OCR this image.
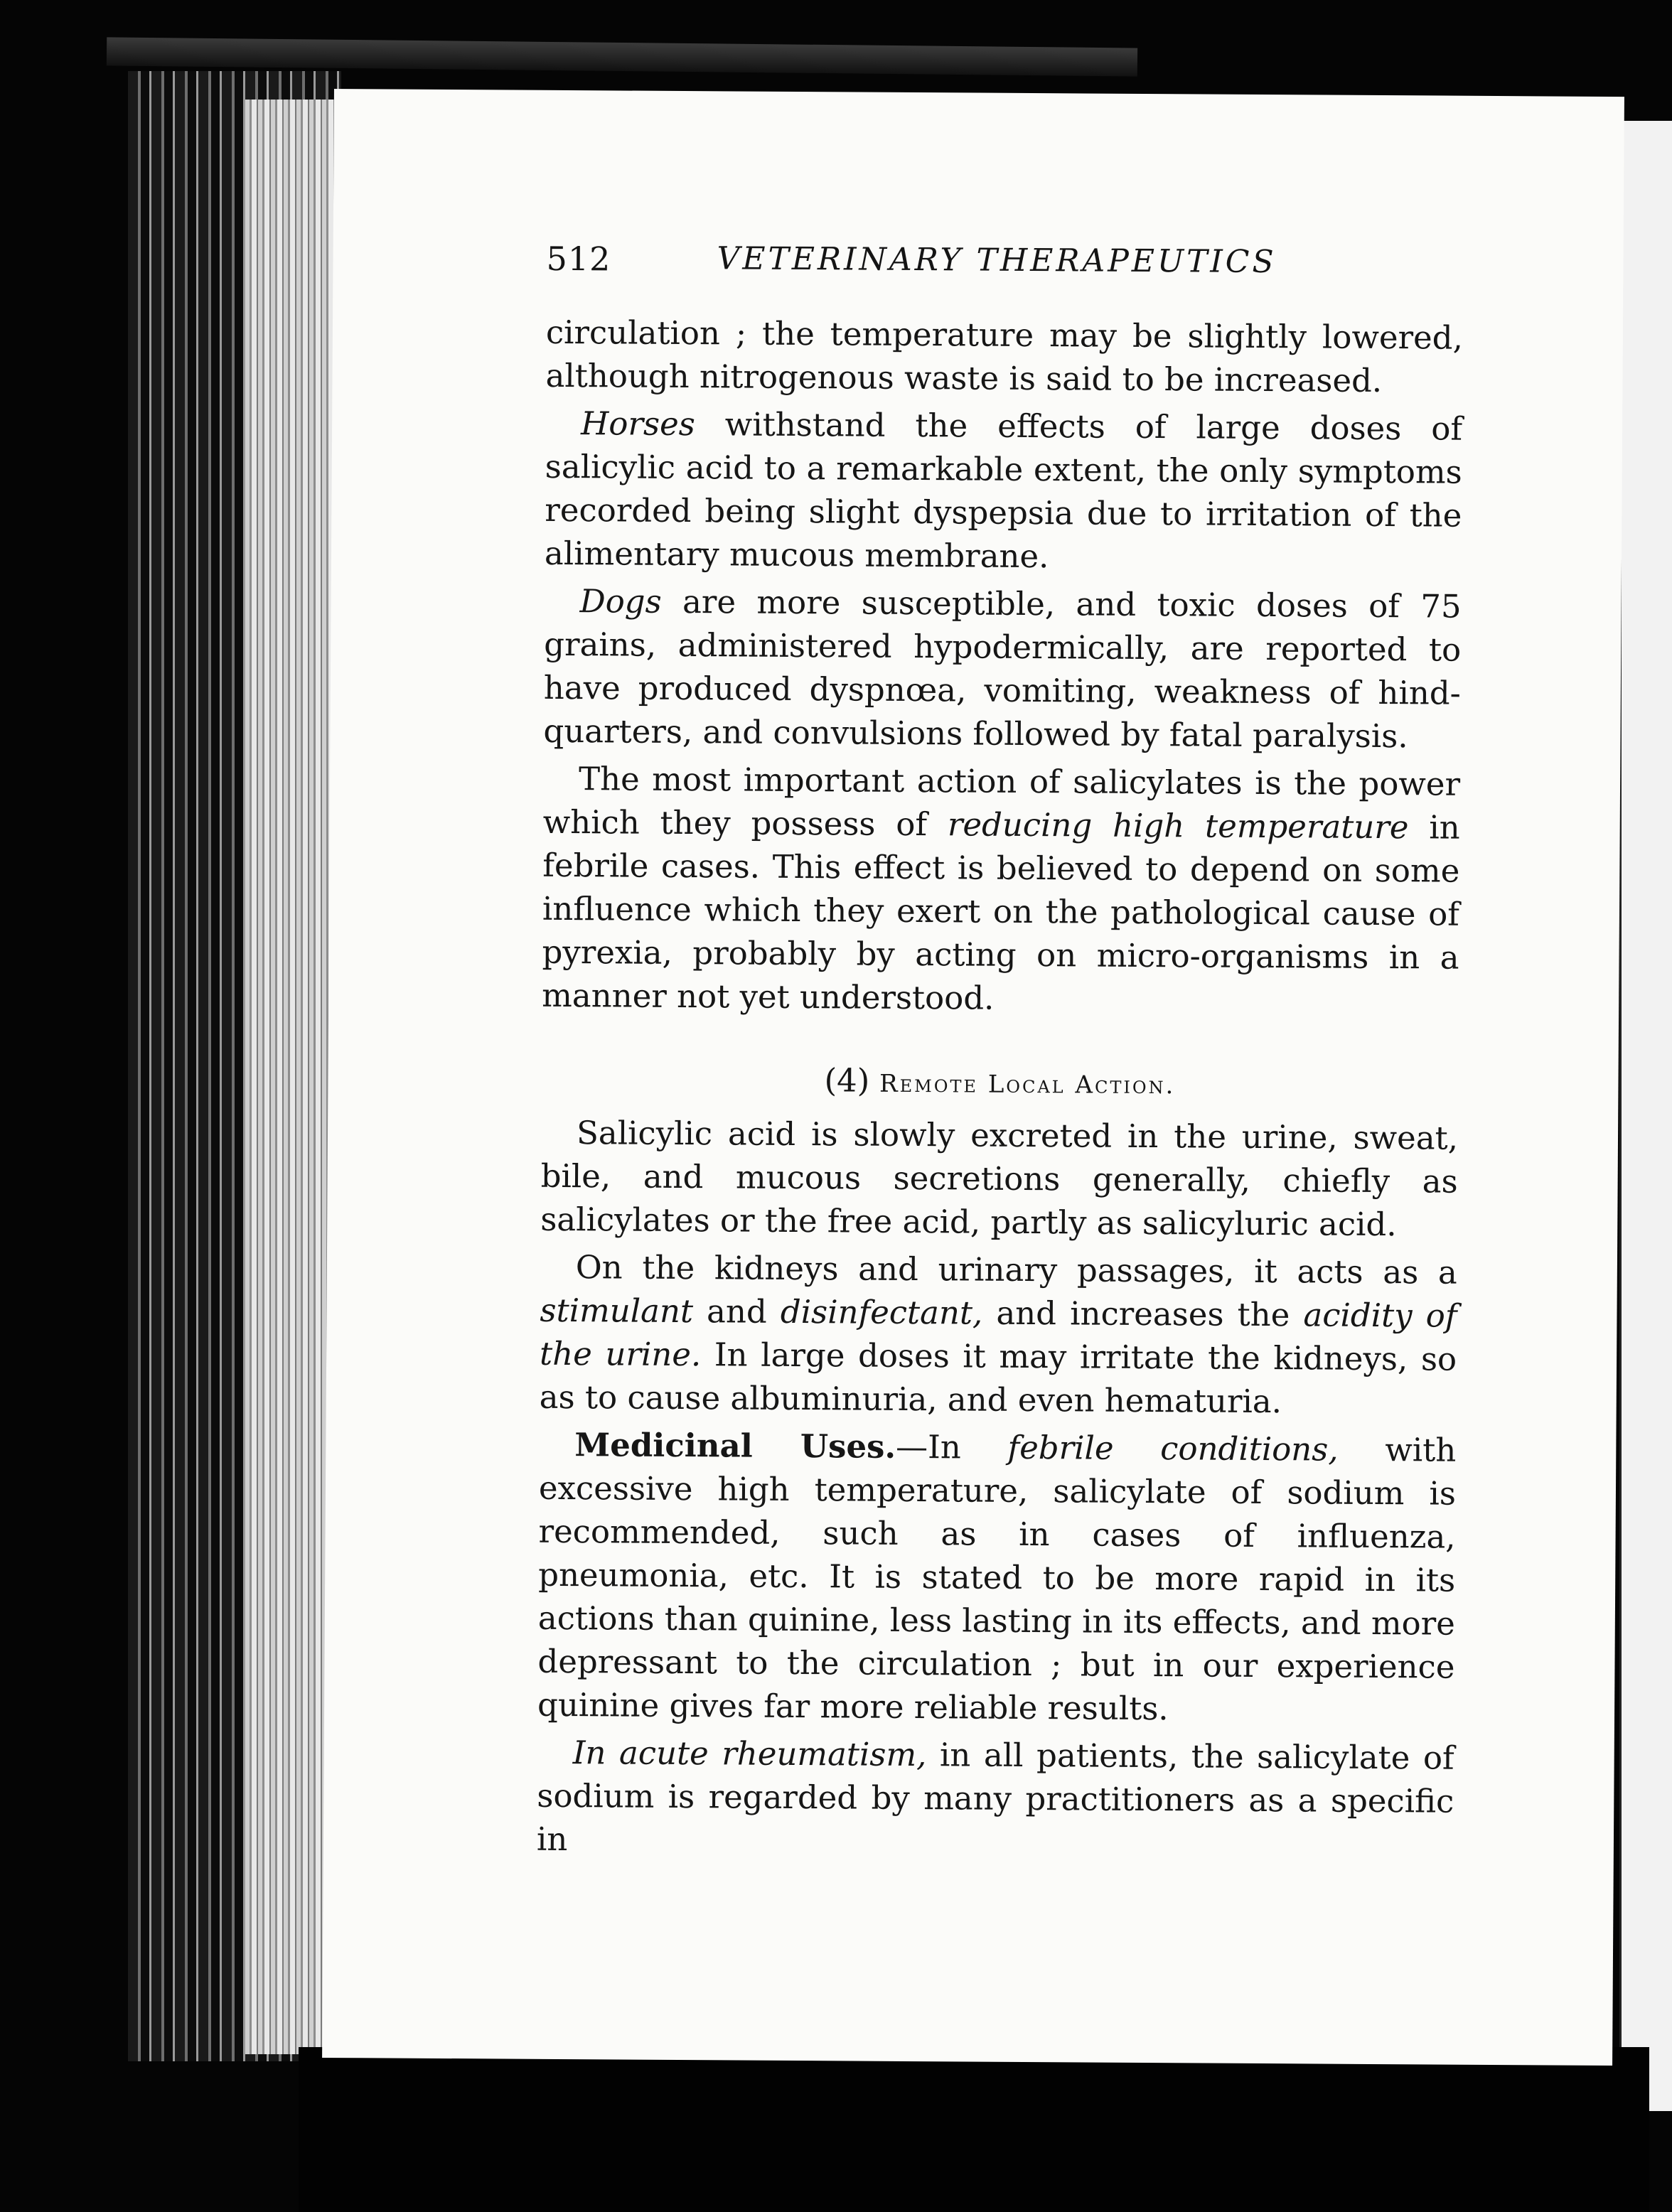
512	VETERINARY THERAPEUTICS

circulation ; the temperature may be slightly lowered, although nitrogenous waste is said to be increased.

Horses withstand the effects of large doses of salicylic acid to a remarkable extent, the only symptoms recorded being slight dyspepsia due to irritation of the alimentary mucous membrane.

Dogs are more susceptible, and toxic doses of 75 grains, administered hypodermically, are reported to have produced dyspnœa, vomiting, weakness of hind-quarters, and convulsions followed by fatal paralysis.

The most important action of salicylates is the power which they possess of reducing high temperature in febrile cases. This effect is believed to depend on some influence which they exert on the pathological cause of pyrexia, probably by acting on micro-organisms in a manner not yet understood.

(4) Remote Local Action.

Salicylic acid is slowly excreted in the urine, sweat, bile, and mucous secretions generally, chiefly as salicylates or the free acid, partly as salicyluric acid.

On the kidneys and urinary passages, it acts as a stimulant and disinfectant, and increases the acidity of the urine. In large doses it may irritate the kidneys, so as to cause albuminuria, and even hematuria.

Medicinal Uses.—In febrile conditions, with excessive high temperature, salicylate of sodium is recommended, such as in cases of influenza, pneumonia, etc. It is stated to be more rapid in its actions than quinine, less lasting in its effects, and more depressant to the circulation ; but in our experience quinine gives far more reliable results.

In acute rheumatism, in all patients, the salicylate of sodium is regarded by many practitioners as a specific in
